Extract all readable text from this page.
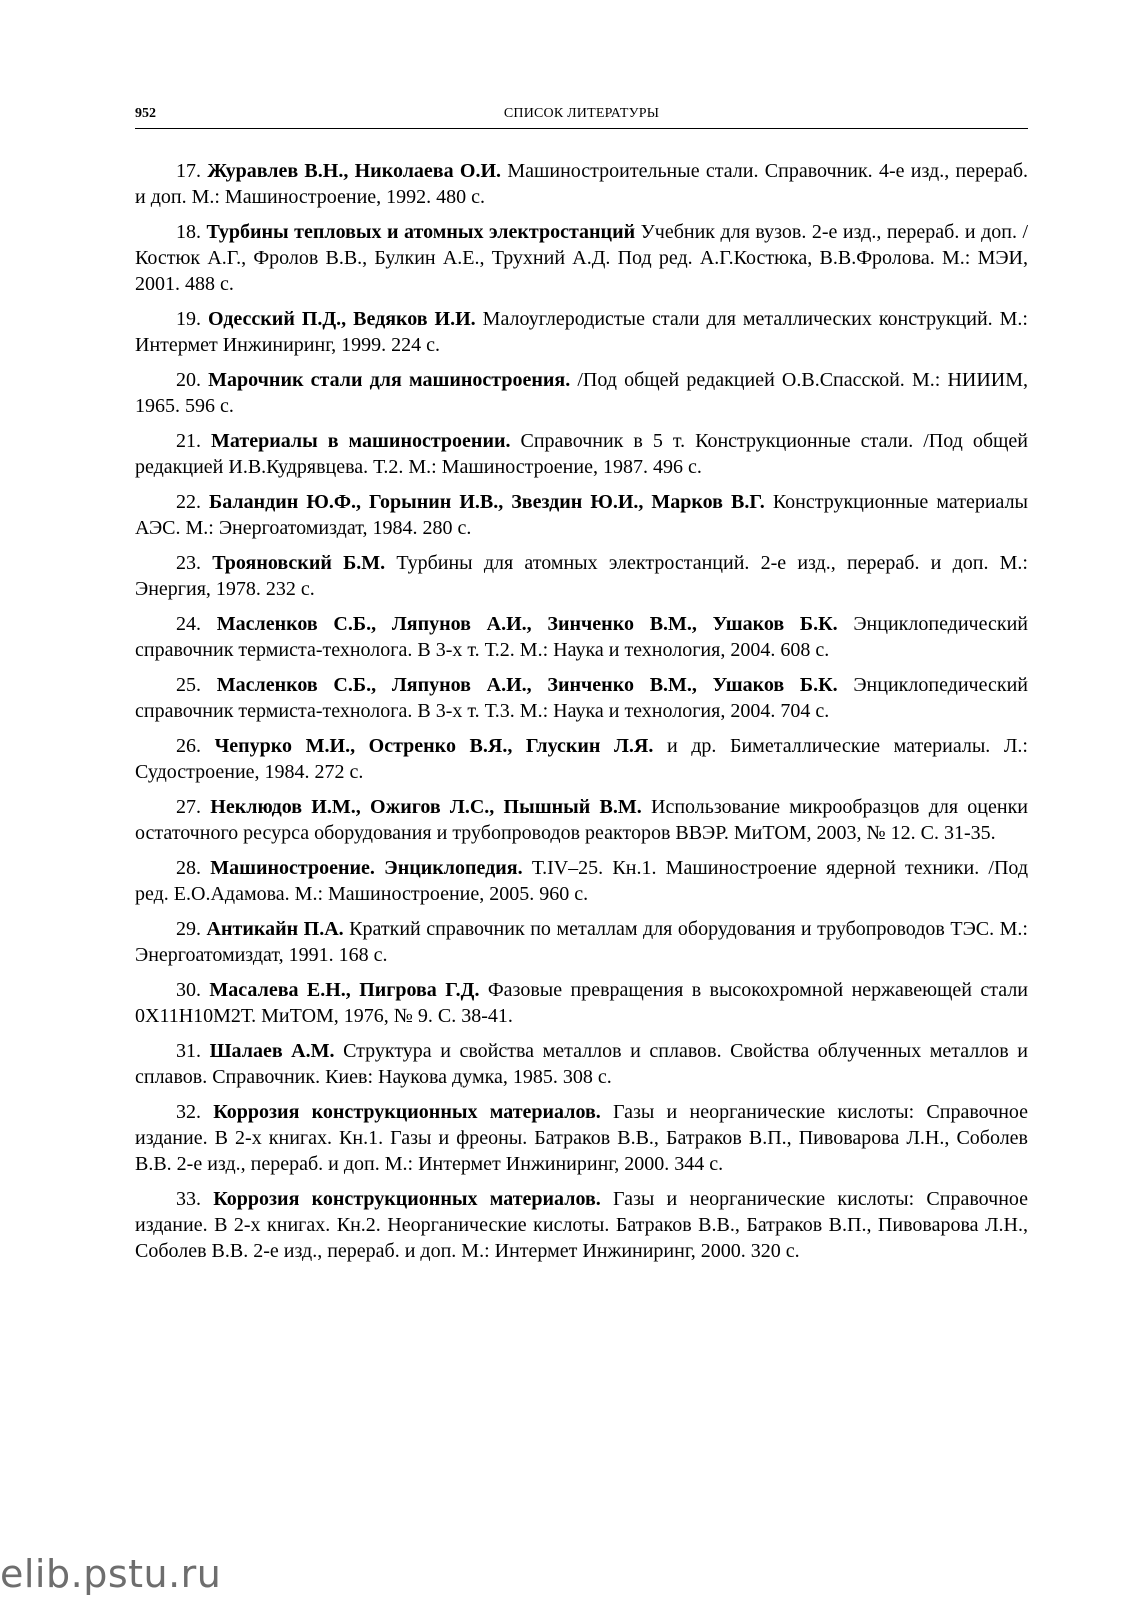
952	СПИСОК ЛИТЕРАТУРЫ

17. Журавлев В.Н., Николаева О.И. Машиностроительные стали. Справочник. 4-е изд., перераб. и доп. М.: Машиностроение, 1992. 480 с.

18. Турбины тепловых и атомных электростанций Учебник для вузов. 2-е изд., перераб. и доп. /Костюк А.Г., Фролов В.В., Булкин А.Е., Трухний А.Д. Под ред. А.Г.Костюка, В.В.Фролова. М.: МЭИ, 2001. 488 с.

19. Одесский П.Д., Ведяков И.И. Малоуглеродистые стали для металлических конструкций. М.: Интермет Инжиниринг, 1999. 224 с.

20. Марочник стали для машиностроения. /Под общей редакцией О.В.Спасской. М.: НИИИМ, 1965. 596 с.

21. Материалы в машиностроении. Справочник в 5 т. Конструкционные стали. /Под общей редакцией И.В.Кудрявцева. Т.2. М.: Машиностроение, 1987. 496 с.

22. Баландин Ю.Ф., Горынин И.В., Звездин Ю.И., Марков В.Г. Конструкционные материалы АЭС. М.: Энергоатомиздат, 1984. 280 с.

23. Трояновский Б.М. Турбины для атомных электростанций. 2-е изд., перераб. и доп. М.: Энергия, 1978. 232 с.

24. Масленков С.Б., Ляпунов А.И., Зинченко В.М., Ушаков Б.К. Энциклопедический справочник термиста-технолога. В 3-х т. Т.2. М.: Наука и технология, 2004. 608 с.

25. Масленков С.Б., Ляпунов А.И., Зинченко В.М., Ушаков Б.К. Энциклопедический справочник термиста-технолога. В 3-х т. Т.3. М.: Наука и технология, 2004. 704 с.

26. Чепурко М.И., Остренко В.Я., Глускин Л.Я. и др. Биметаллические материалы. Л.: Судостроение, 1984. 272 с.

27. Неклюдов И.М., Ожигов Л.С., Пышный В.М. Использование микрообразцов для оценки остаточного ресурса оборудования и трубопроводов реакторов ВВЭР. МиТОМ, 2003, № 12. С. 31-35.

28. Машиностроение. Энциклопедия. Т.IV–25. Кн.1. Машиностроение ядерной техники. /Под ред. Е.О.Адамова. М.: Машиностроение, 2005. 960 с.

29. Антикайн П.А. Краткий справочник по металлам для оборудования и трубопроводов ТЭС. М.: Энергоатомиздат, 1991. 168 с.

30. Масалева Е.Н., Пигрова Г.Д. Фазовые превращения в высокохромной нержавеющей стали 0Х11Н10М2Т. МиТОМ, 1976, № 9. С. 38-41.

31. Шалаев А.М. Структура и свойства металлов и сплавов. Свойства облученных металлов и сплавов. Справочник. Киев: Наукова думка, 1985. 308 с.

32. Коррозия конструкционных материалов. Газы и неорганические кислоты: Справочное издание. В 2-х книгах. Кн.1. Газы и фреоны. Батраков В.В., Батраков В.П., Пивоварова Л.Н., Соболев В.В. 2-е изд., перераб. и доп. М.: Интермет Инжиниринг, 2000. 344 с.

33. Коррозия конструкционных материалов. Газы и неорганические кислоты: Справочное издание. В 2-х книгах. Кн.2. Неорганические кислоты. Батраков В.В., Батраков В.П., Пивоварова Л.Н., Соболев В.В. 2-е изд., перераб. и доп. М.: Интермет Инжиниринг, 2000. 320 с.

elib.pstu.ru
